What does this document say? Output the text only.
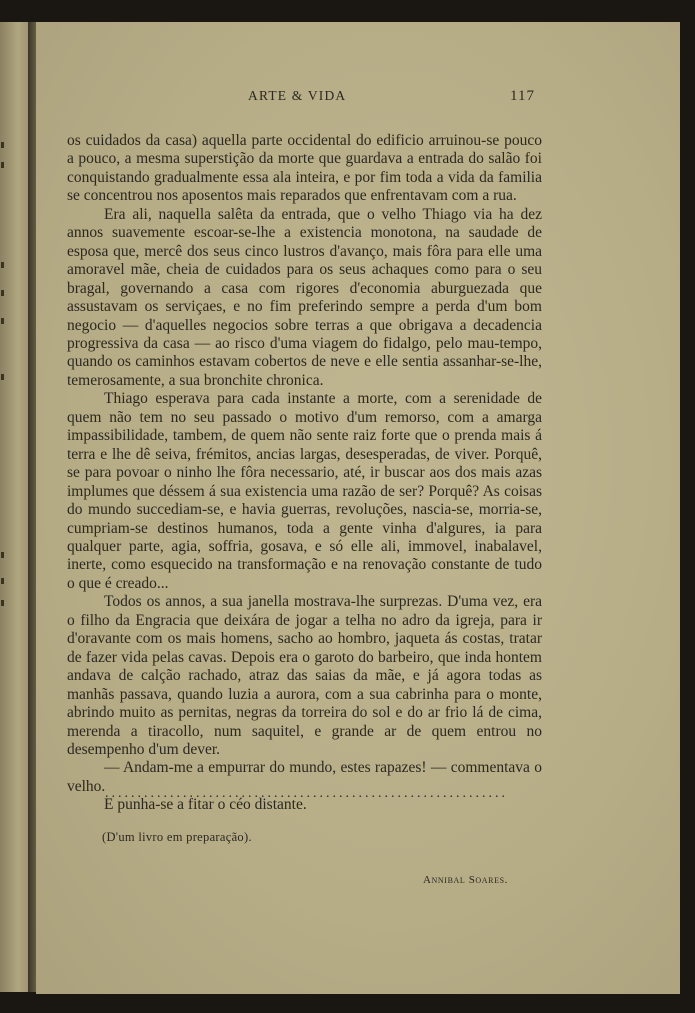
ARTE & VIDA	117

os cuidados da casa) aquella parte occidental do edificio arruinou-se pouco a pouco, a mesma superstição da morte que guardava a entrada do salão foi conquistando gradualmente essa ala inteira, e por fim toda a vida da familia se concentrou nos aposentos mais reparados que enfrentavam com a rua.

Era ali, naquella salêta da entrada, que o velho Thiago via ha dez annos suavemente escoar-se-lhe a existencia monotona, na saudade de esposa que, mercê dos seus cinco lustros d'avanço, mais fôra para elle uma amoravel mãe, cheia de cuidados para os seus achaques como para o seu bragal, governando a casa com rigores d'economia aburguezada que assustavam os serviçaes, e no fim preferindo sempre a perda d'um bom negocio — d'aquelles negocios sobre terras a que obrigava a decadencia progressiva da casa — ao risco d'uma viagem do fidalgo, pelo mau-tempo, quando os caminhos estavam cobertos de neve e elle sentia assanhar-se-lhe, temerosamente, a sua bronchite chronica.

Thiago esperava para cada instante a morte, com a serenidade de quem não tem no seu passado o motivo d'um remorso, com a amarga impassibilidade, tambem, de quem não sente raiz forte que o prenda mais á terra e lhe dê seiva, frémitos, ancias largas, desesperadas, de viver. Porquê, se para povoar o ninho lhe fôra necessario, até, ir buscar aos dos mais azas implumes que déssem á sua existencia uma razão de ser? Porquê? As coisas do mundo succediam-se, e havia guerras, revoluções, nascia-se, morria-se, cumpriam-se destinos humanos, toda a gente vinha d'algures, ia para qualquer parte, agia, soffria, gosava, e só elle ali, immovel, inabalavel, inerte, como esquecido na transformação e na renovação constante de tudo o que é creado...

Todos os annos, a sua janella mostrava-lhe surprezas. D'uma vez, era o filho da Engracia que deixára de jogar a telha no adro da igreja, para ir d'oravante com os mais homens, sacho ao hombro, jaqueta ás costas, tratar de fazer vida pelas cavas. Depois era o garoto do barbeiro, que inda hontem andava de calção rachado, atraz das saias da mãe, e já agora todas as manhãs passava, quando luzia a aurora, com a sua cabrinha para o monte, abrindo muito as pernitas, negras da torreira do sol e do ar frio lá de cima, merenda a tiracollo, num saquitel, e grande ar de quem entrou no desempenho d'um dever.

— Andam-me a empurrar do mundo, estes rapazes! — commentava o velho.

E punha-se a fitar o céo distante.

..............................................................
(D'um livro em preparação).
Annibal Soares.
